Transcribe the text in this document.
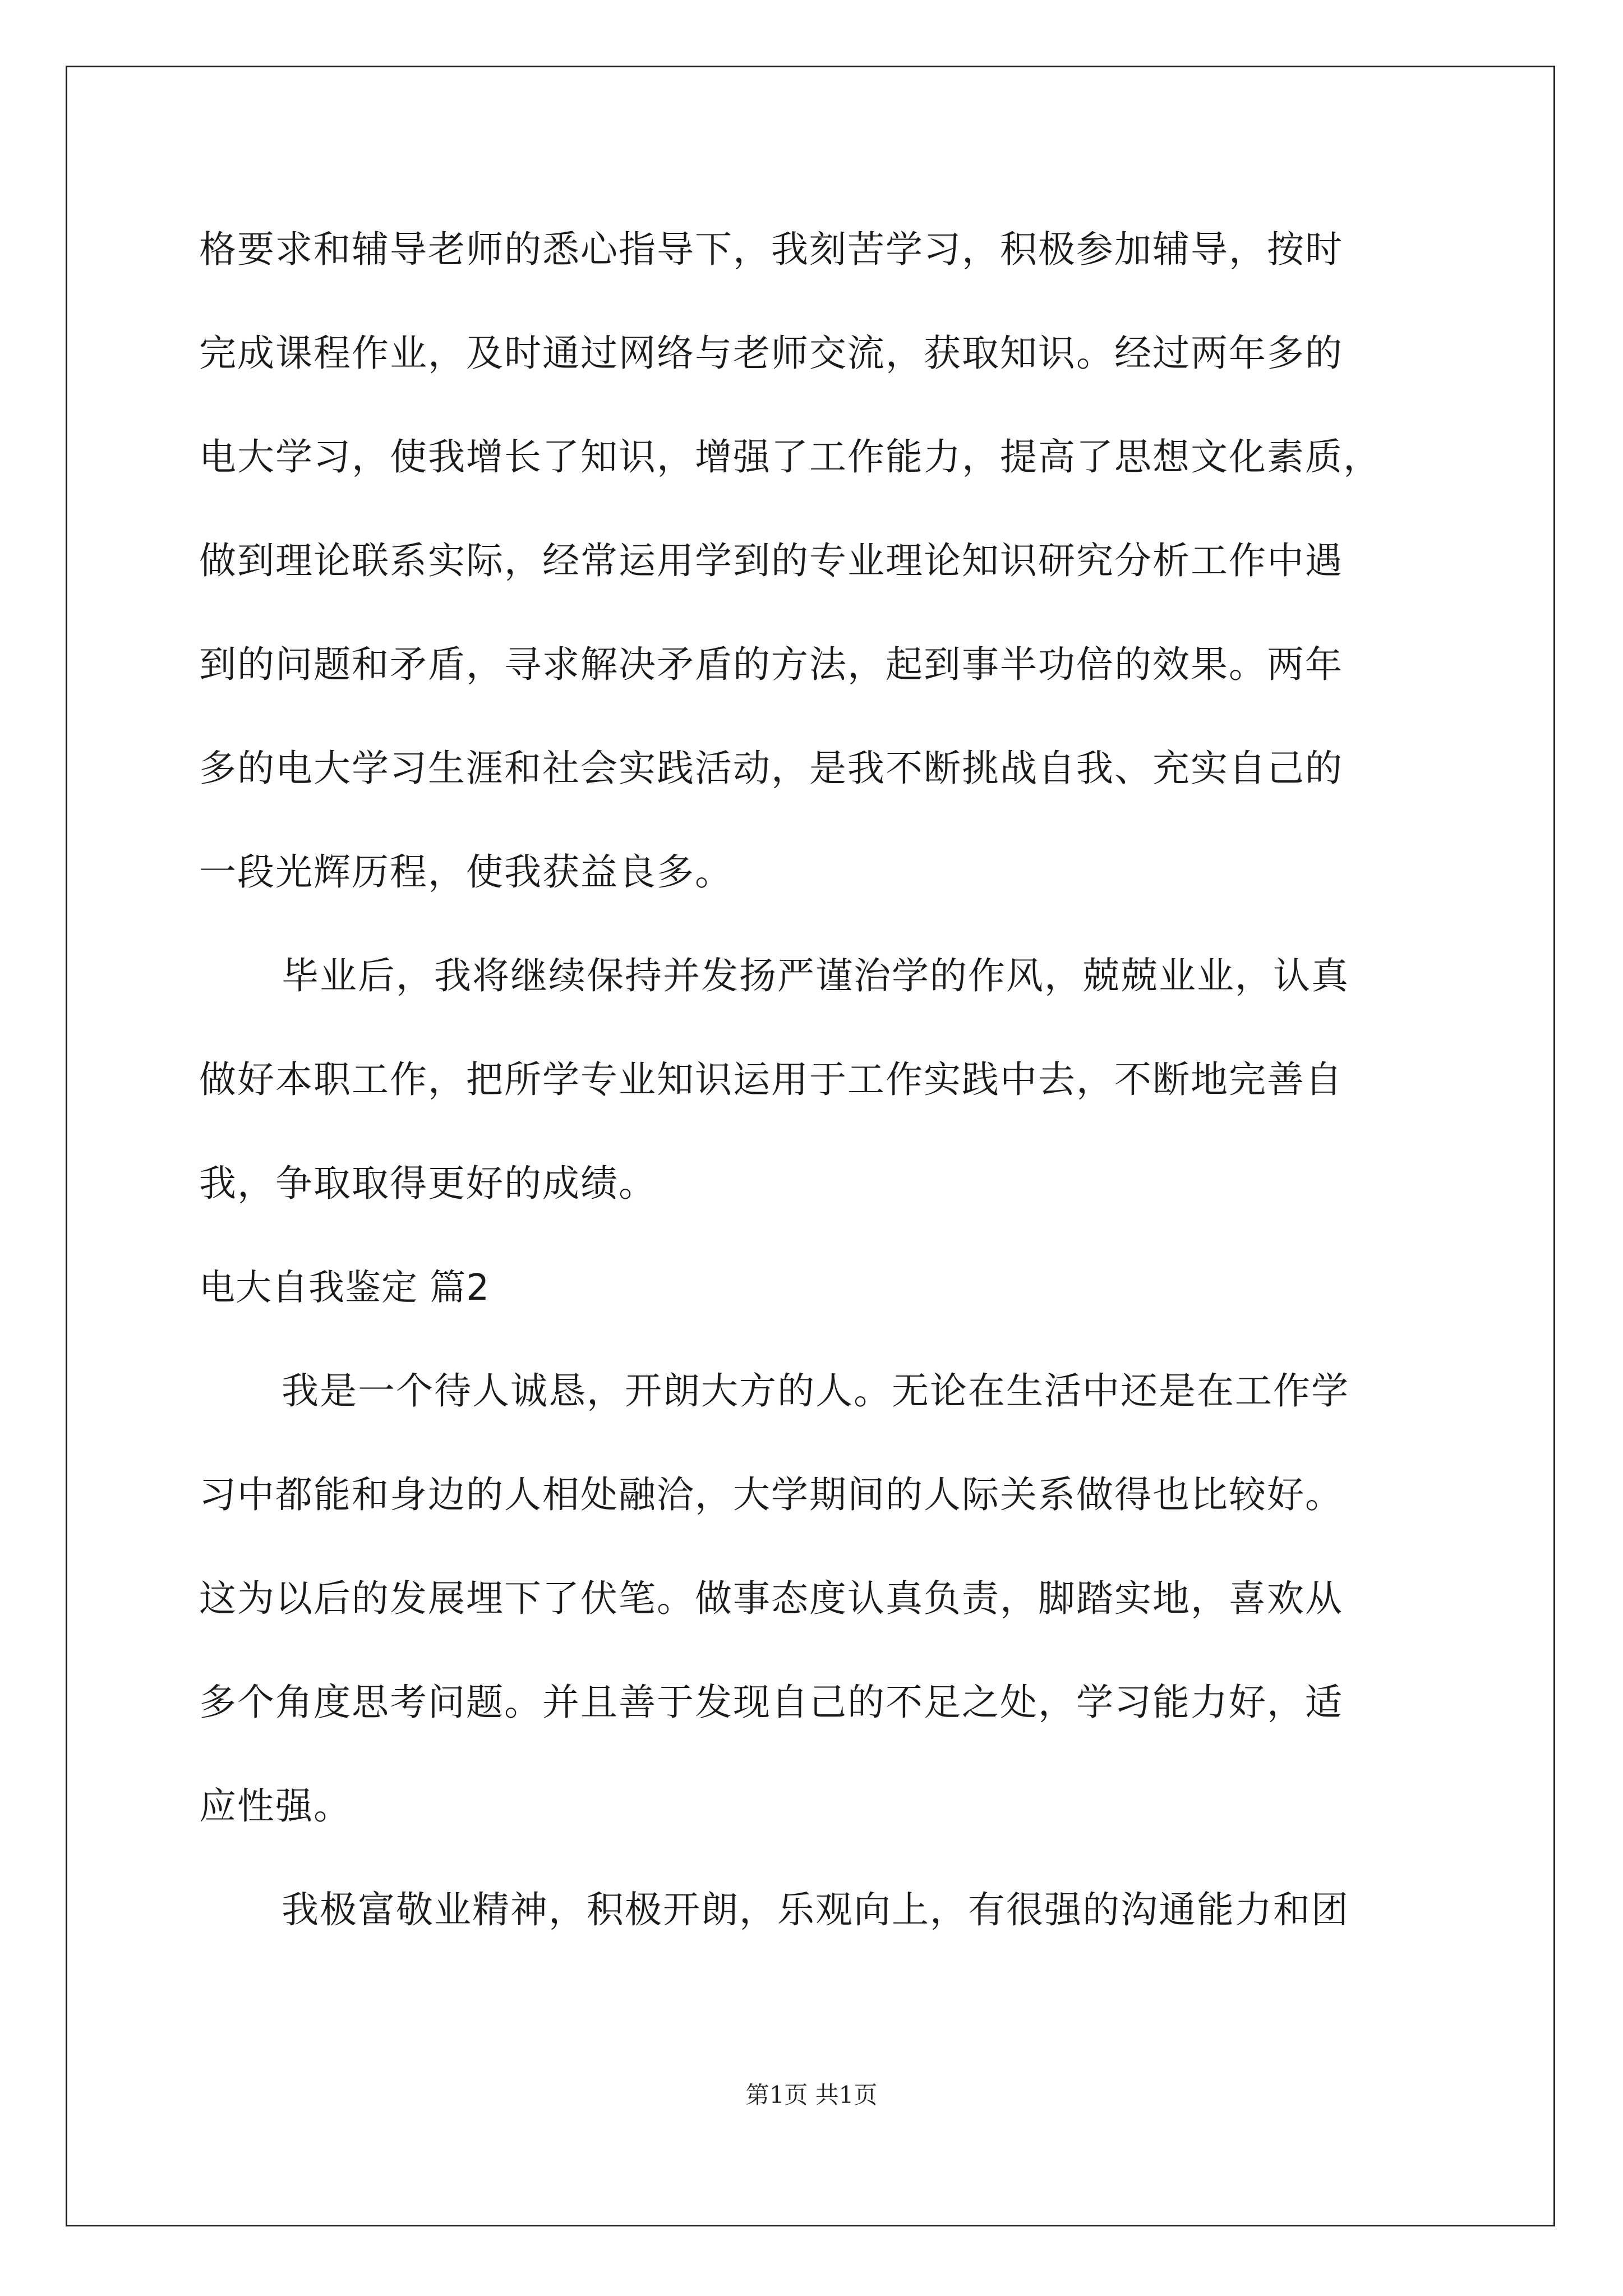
格要求和辅导老师的悉心指导下，我刻苦学习，积极参加辅导，按时
完成课程作业，及时通过网络与老师交流，获取知识。经过两年多的
电大学习，使我增长了知识，增强了工作能力，提高了思想文化素质，
做到理论联系实际，经常运用学到的专业理论知识研究分析工作中遇
到的问题和矛盾，寻求解决矛盾的方法，起到事半功倍的效果。两年
多的电大学习生涯和社会实践活动，是我不断挑战自我、充实自己的
一段光辉历程，使我获益良多。
毕业后，我将继续保持并发扬严谨治学的作风，兢兢业业，认真
做好本职工作，把所学专业知识运用于工作实践中去，不断地完善自
我，争取取得更好的成绩。
电大自我鉴定 篇2
我是一个待人诚恳，开朗大方的人。无论在生活中还是在工作学
习中都能和身边的人相处融洽，大学期间的人际关系做得也比较好。
这为以后的发展埋下了伏笔。做事态度认真负责，脚踏实地，喜欢从
多个角度思考问题。并且善于发现自己的不足之处，学习能力好，适
应性强。
我极富敬业精神，积极开朗，乐观向上，有很强的沟通能力和团
第1页 共1页
